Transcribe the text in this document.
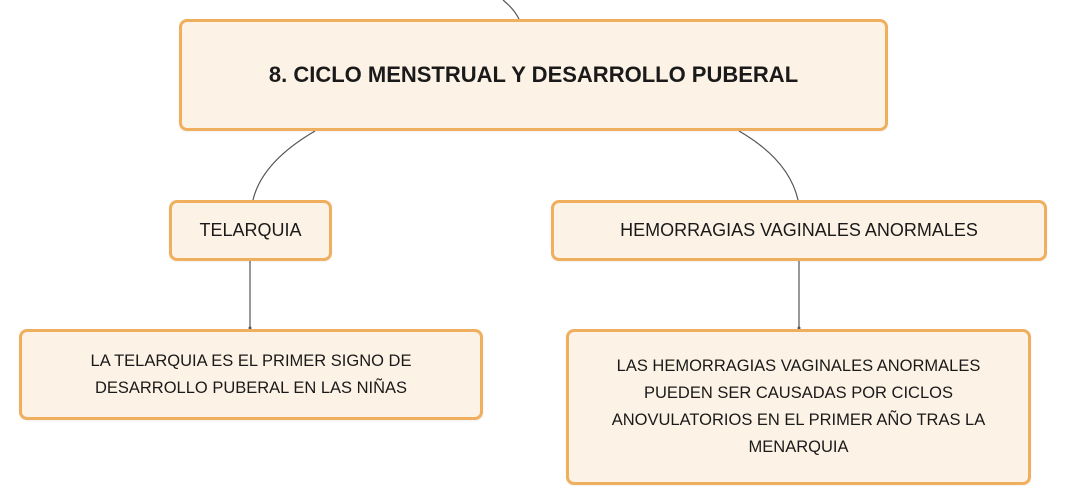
8. CICLO MENSTRUAL Y DESARROLLO PUBERAL
TELARQUIA	HEMORRAGIAS VAGINALES ANORMALES
LA TELARQUIA ES EL PRIMER SIGNO DE DESARROLLO PUBERAL EN LAS NIÑAS
LAS HEMORRAGIAS VAGINALES ANORMALES PUEDEN SER CAUSADAS POR CICLOS ANOVULATORIOS EN EL PRIMER AÑO TRAS LA MENARQUIA
